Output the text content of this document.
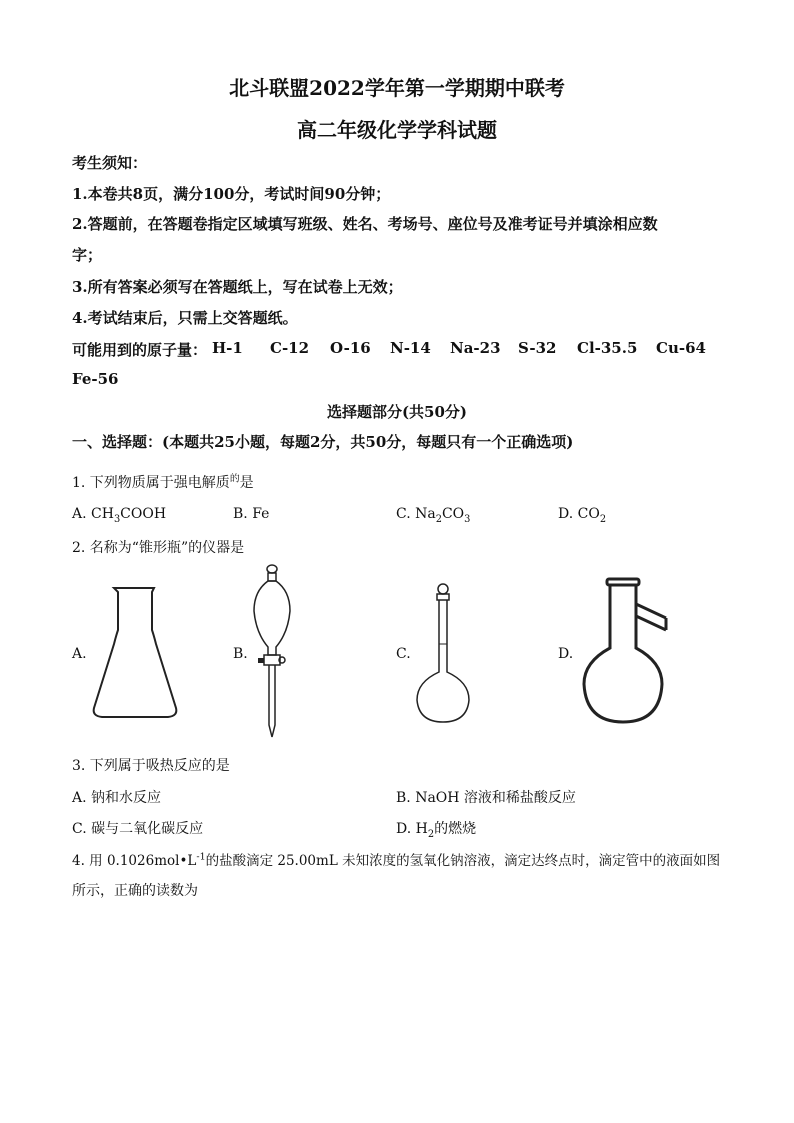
北斗联盟2022学年第一学期期中联考
高二年级化学学科试题
考生须知：
1.本卷共8页，满分100分，考试时间90分钟；
2.答题前，在答题卷指定区域填写班级、姓名、考场号、座位号及准考证号并填涂相应数
字；
3.所有答案必须写在答题纸上，写在试卷上无效；
4.考试结束后，只需上交答题纸。
可能用到的原子量： H-1 C-12 O-16 N-14 Na-23 S-32 Cl-35.5 Cu-64
Fe-56
选择题部分(共50分)
一、选择题：(本题共25小题，每题2分，共50分，每题只有一个正确选项)
1. 下列物质属于强电解质$^的$是
A. $CH_3COOH$	B. Fe	C. $Na_2CO_3$	D. $CO_2$
2. 名称为“锥形瓶”的仪器是
A.	B.	C.	D.
3. 下列属于吸热反应的是
A. 钠和水反应	B. NaOH 溶液和稀盐酸反应
C. 碳与二氧化碳反应	D. $H_2$的燃烧
4. 用 $0.1026mol•L^{-1}$的盐酸滴定 25.00mL 未知浓度的氢氧化钠溶液，滴定达终点时，滴定管中的液面如图
所示，正确的读数为
